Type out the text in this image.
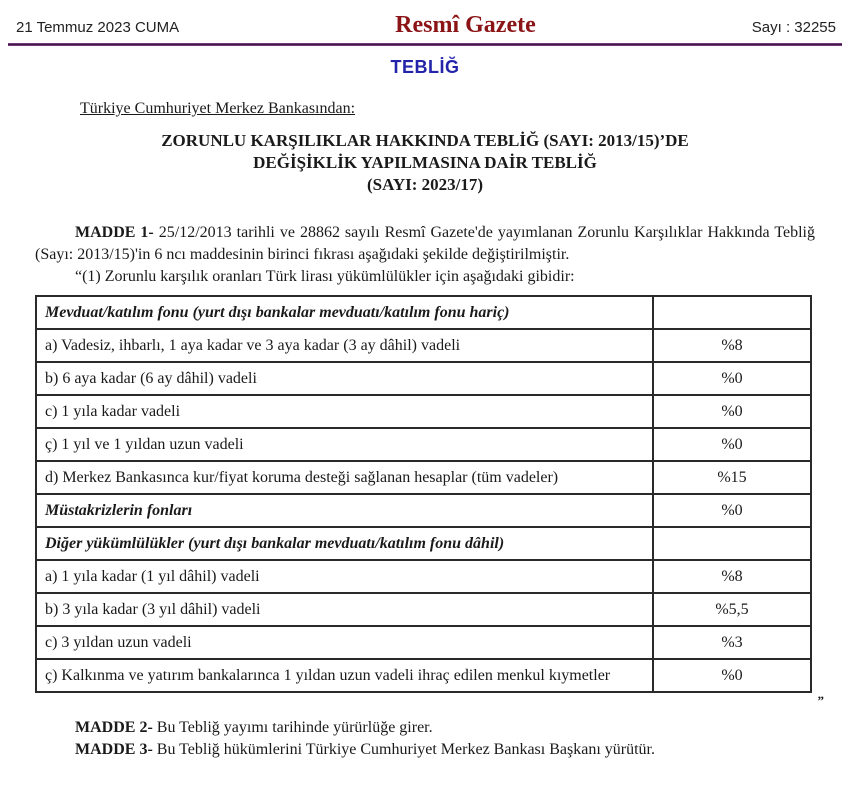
21 Temmuz 2023 CUMA	Resmî Gazete	Sayı : 32255
TEBLİĞ
Türkiye Cumhuriyet Merkez Bankasından:
ZORUNLU KARŞILIKLAR HAKKINDA TEBLİĞ (SAYI: 2013/15)’DE
DEĞİŞİKLİK YAPILMASINA DAİR TEBLİĞ
(SAYI: 2023/17)

MADDE 1- 25/12/2013 tarihli ve 28862 sayılı Resmî Gazete'de yayımlanan Zorunlu Karşılıklar Hakkında Tebliğ (Sayı: 2013/15)'in 6 ncı maddesinin birinci fıkrası aşağıdaki şekilde değiştirilmiştir.

“(1) Zorunlu karşılık oranları Türk lirası yükümlülükler için aşağıdaki gibidir:

Mevduat/katılım fonu (yurt dışı bankalar mevduatı/katılım fonu hariç)	
a) Vadesiz, ihbarlı, 1 aya kadar ve 3 aya kadar (3 ay dâhil) vadeli	%8
b) 6 aya kadar (6 ay dâhil) vadeli	%0
c) 1 yıla kadar vadeli	%0
ç) 1 yıl ve 1 yıldan uzun vadeli	%0
d) Merkez Bankasınca kur/fiyat koruma desteği sağlanan hesaplar (tüm vadeler)	%15
Müstakrizlerin fonları	%0
Diğer yükümlülükler (yurt dışı bankalar mevduatı/katılım fonu dâhil)	
a) 1 yıla kadar (1 yıl dâhil) vadeli	%8
b) 3 yıla kadar (3 yıl dâhil) vadeli	%5,5
c) 3 yıldan uzun vadeli	%3
ç) Kalkınma ve yatırım bankalarınca 1 yıldan uzun vadeli ihraç edilen menkul kıymetler	%0
”

MADDE 2- Bu Tebliğ yayımı tarihinde yürürlüğe girer.

MADDE 3- Bu Tebliğ hükümlerini Türkiye Cumhuriyet Merkez Bankası Başkanı yürütür.
